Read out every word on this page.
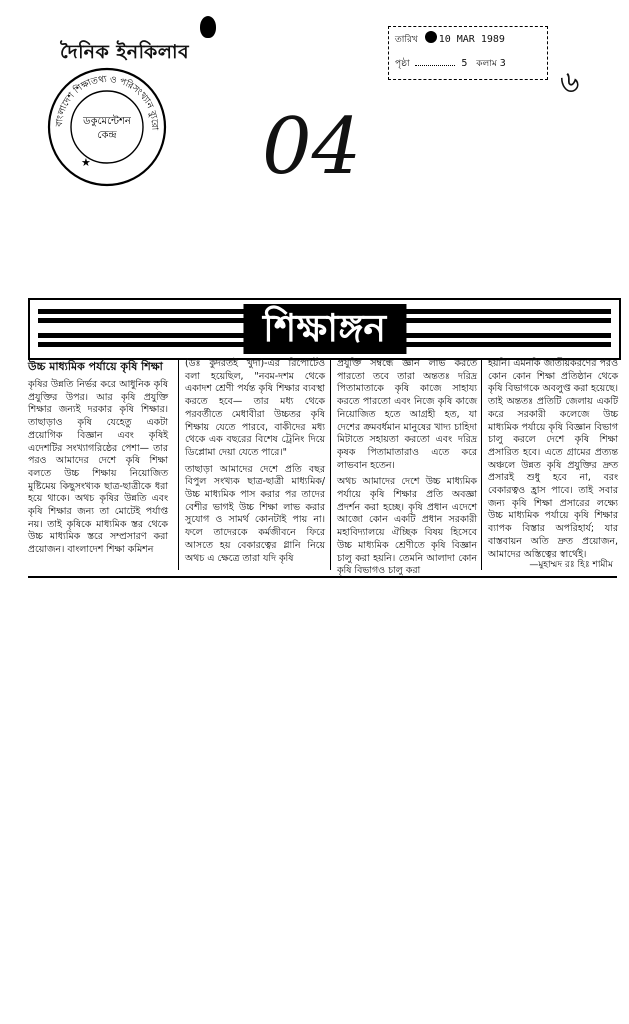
দৈনিক ইনকিলাব
বাংলাদেশ শিক্ষাতথ্য ও পরিসংখ্যান ব্যুরো
ডকুমেন্টেশন
কেন্দ্র
★ 04
৬
তারিখ 10 MAR 1989
পৃষ্ঠা	5 কলাম 3
শিক্ষাঙ্গন
উচ্চ মাধ্যমিক পর্যায়ে কৃষি শিক্ষা

কৃষির উন্নতি নির্ভর করে আধুনিক কৃষি প্রযুক্তির উপর। আর কৃষি প্রযুক্তি শিক্ষার জন্যই দরকার কৃষি শিক্ষার। তাছাড়াও কৃষি যেহেতু একটা প্রয়োগিক বিজ্ঞান এবং কৃষিই এদেশটির সংখ্যাগরিষ্ঠের পেশা— তার পরও আমাদের দেশে কৃষি শিক্ষা বলতে উচ্চ শিক্ষায় নিয়োজিত মুষ্টিমেয় কিছুসংখ্যক ছাত্র-ছাত্রীকে ধরা হয়ে থাকে। অথচ কৃষির উন্নতি এবং কৃষি শিক্ষার জন্য তা মোটেই পর্যাপ্ত নয়। তাই কৃষিকে মাধ্যমিক স্তর থেকে উচ্চ মাধ্যমিক স্তরে সম্প্রসারণ করা প্রয়োজন। বাংলাদেশ শিক্ষা কমিশন

(ডঃ কুদরতই খুদা)-এর রিপোর্টেও বলা হয়েছিল, "নবম-দশম থেকে একাদশ শ্রেণী পর্যন্ত কৃষি শিক্ষার ব্যবস্থা করতে হবে— তার মধ্য থেকে পরবর্তীতে মেধাবীরা উচ্চতর কৃষি শিক্ষায় যেতে পারবে, বাকীদের মধ্য থেকে এক বছরের বিশেষ ট্রেনিং দিয়ে ডিপ্লোমা দেয়া যেতে পারে।"

তাছাড়া আমাদের দেশে প্রতি বছর বিপুল সংখ্যক ছাত্র-ছাত্রী মাধ্যমিক/উচ্চ মাধ্যমিক পাস করার পর তাদের বেশীর ভাগই উচ্চ শিক্ষা লাভ করার সুযোগ ও সামর্থ কোনটাই পায় না। ফলে তাদেরকে কর্মজীবনে ফিরে আসতে হয় বেকারত্বের গ্লানি নিয়ে অথচ এ ক্ষেত্রে তারা যদি কৃষি

প্রযুক্তি সম্বন্ধে জ্ঞান লাভ করতে পারতো তবে তারা অন্ততঃ দরিদ্র পিতামাতাকে কৃষি কাজে সাহায্য করতে পারতো এবং নিজে কৃষি কাজে নিয়োজিত হতে আগ্রহী হত, যা দেশের ক্রমবর্ধমান মানুষের খাদ্য চাহিদা মিটাতে সহায়তা করতো এবং দরিদ্র কৃষক পিতামাতারাও এতে করে লাভবান হতেন।

অথচ আমাদের দেশে উচ্চ মাধ্যমিক পর্যায়ে কৃষি শিক্ষার প্রতি অবজ্ঞা প্রদর্শন করা হচ্ছে। কৃষি প্রধান এদেশে আজো কোন একটি প্রধান সরকারী মহাবিদ্যালয়ে ঐচ্ছিক বিষয় হিসেবে উচ্চ মাধ্যমিক শ্রেণীতে কৃষি বিজ্ঞান চালু করা হয়নি। তেমনি আলাদা কোন কৃষি বিভাগও চালু করা

হয়নি। এমনকি জাতীয়করণের পরও কোন কোন শিক্ষা প্রতিষ্ঠান থেকে কৃষি বিভাগকে অবলুপ্ত করা হয়েছে। তাই অন্ততঃ প্রতিটি জেলায় একটি করে সরকারী কলেজে উচ্চ মাধ্যমিক পর্যায়ে কৃষি বিজ্ঞান বিভাগ চালু করলে দেশে কৃষি শিক্ষা প্রসারিত হবে। এতে গ্রামের প্রত্যন্ত অঞ্চলে উন্নত কৃষি প্রযুক্তির দ্রুত প্রসারই শুধু হবে না, বরং বেকারত্বও হ্রাস পাবে। তাই সবার জন্য কৃষি শিক্ষা প্রসারের লক্ষ্যে উচ্চ মাধ্যমিক পর্যায়ে কৃষি শিক্ষার ব্যাপক বিস্তার অপরিহার্য; যার বাস্তবায়ন অতি দ্রুত প্রয়োজন, আমাদের অস্তিত্বের স্বার্থেই।

—মুহাম্মদ রঃ হিঃ শামীম
